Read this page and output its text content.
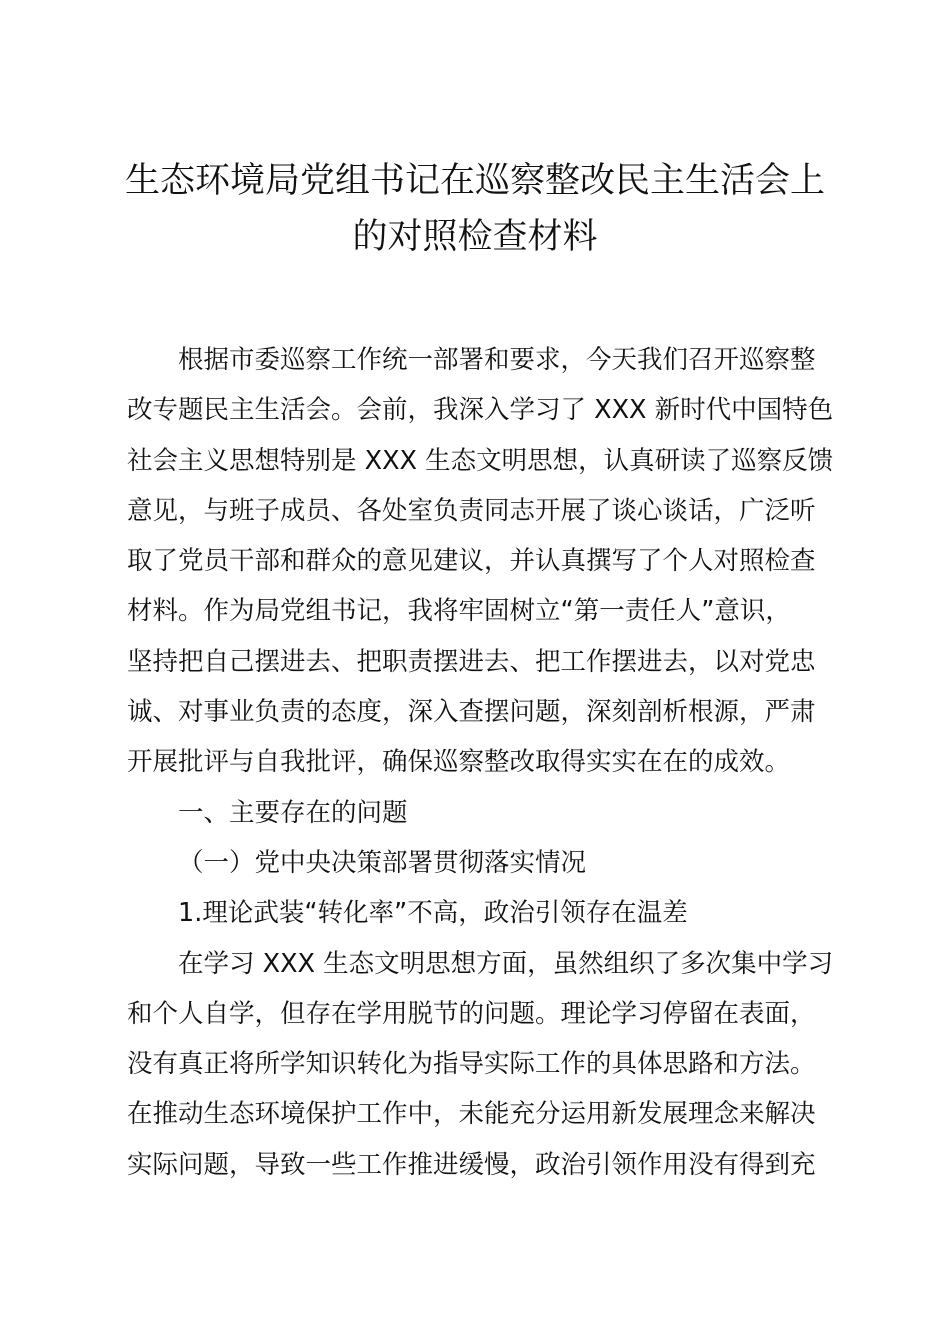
生态环境局党组书记在巡察整改民主生活会上
的对照检查材料
根据市委巡察工作统一部署和要求，今天我们召开巡察整
改专题民主生活会。会前，我深入学习了 XXX 新时代中国特色
社会主义思想特别是 XXX 生态文明思想，认真研读了巡察反馈
意见，与班子成员、各处室负责同志开展了谈心谈话，广泛听
取了党员干部和群众的意见建议，并认真撰写了个人对照检查
材料。作为局党组书记，我将牢固树立“第一责任人”意识，
坚持把自己摆进去、把职责摆进去、把工作摆进去，以对党忠
诚、对事业负责的态度，深入查摆问题，深刻剖析根源，严肃
开展批评与自我批评，确保巡察整改取得实实在在的成效。
一、主要存在的问题
（一）党中央决策部署贯彻落实情况
1.理论武装“转化率”不高，政治引领存在温差
在学习 XXX 生态文明思想方面，虽然组织了多次集中学习
和个人自学，但存在学用脱节的问题。理论学习停留在表面，
没有真正将所学知识转化为指导实际工作的具体思路和方法。
在推动生态环境保护工作中，未能充分运用新发展理念来解决
实际问题，导致一些工作推进缓慢，政治引领作用没有得到充
